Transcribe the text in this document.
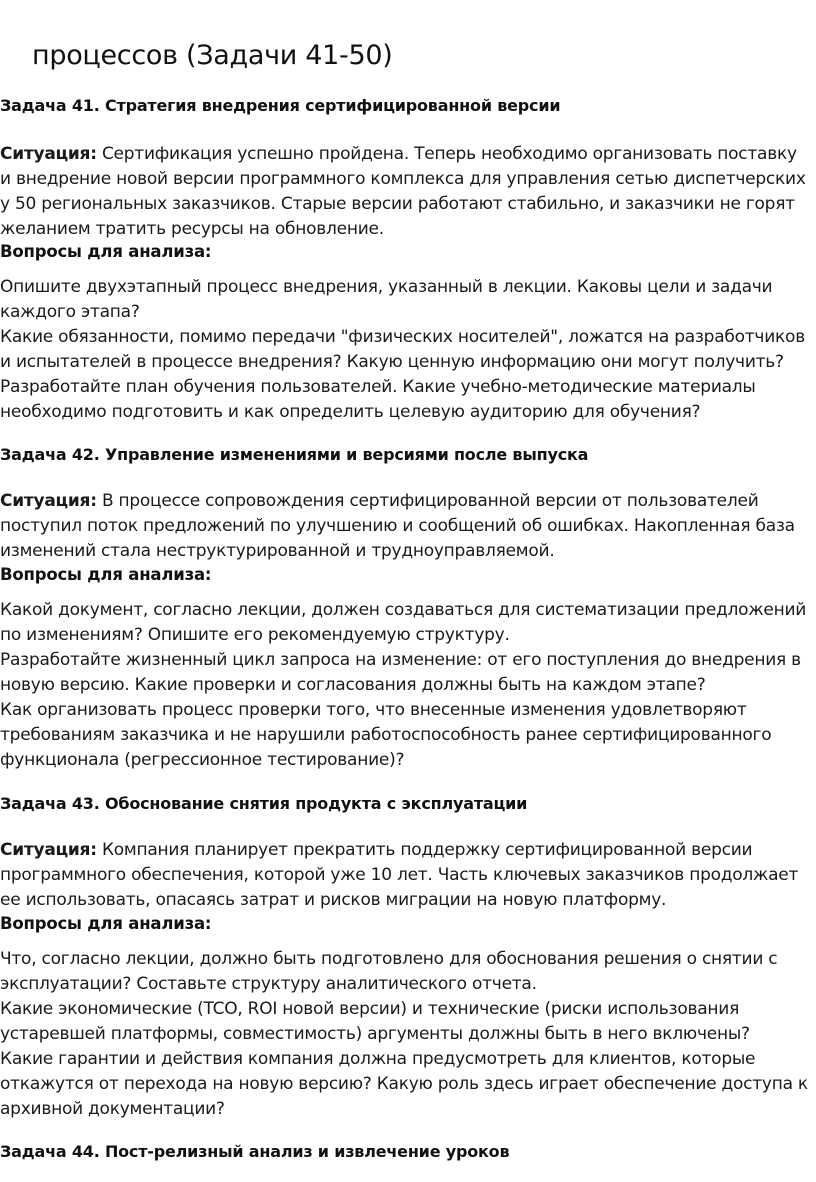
процессов (Задачи 41-50)
Задача 41. Стратегия внедрения сертифицированной версии
Ситуация: Сертификация успешно пройдена. Теперь необходимо организовать поставку и внедрение новой версии программного комплекса для управления сетью диспетчерских у 50 региональных заказчиков. Старые версии работают стабильно, и заказчики не горят желанием тратить ресурсы на обновление.
Вопросы для анализа:
Опишите двухэтапный процесс внедрения, указанный в лекции. Каковы цели и задачи каждого этапа?
Какие обязанности, помимо передачи "физических носителей", ложатся на разработчиков и испытателей в процессе внедрения? Какую ценную информацию они могут получить?
Разработайте план обучения пользователей. Какие учебно-методические материалы необходимо подготовить и как определить целевую аудиторию для обучения?
Задача 42. Управление изменениями и версиями после выпуска
Ситуация: В процессе сопровождения сертифицированной версии от пользователей поступил поток предложений по улучшению и сообщений об ошибках. Накопленная база изменений стала неструктурированной и трудноуправляемой.
Вопросы для анализа:
Какой документ, согласно лекции, должен создаваться для систематизации предложений по изменениям? Опишите его рекомендуемую структуру.
Разработайте жизненный цикл запроса на изменение: от его поступления до внедрения в новую версию. Какие проверки и согласования должны быть на каждом этапе?
Как организовать процесс проверки того, что внесенные изменения удовлетворяют требованиям заказчика и не нарушили работоспособность ранее сертифицированного функционала (регрессионное тестирование)?
Задача 43. Обоснование снятия продукта с эксплуатации
Ситуация: Компания планирует прекратить поддержку сертифицированной версии программного обеспечения, которой уже 10 лет. Часть ключевых заказчиков продолжает ее использовать, опасаясь затрат и рисков миграции на новую платформу.
Вопросы для анализа:
Что, согласно лекции, должно быть подготовлено для обоснования решения о снятии с эксплуатации? Составьте структуру аналитического отчета.
Какие экономические (TCO, ROI новой версии) и технические (риски использования устаревшей платформы, совместимость) аргументы должны быть в него включены?
Какие гарантии и действия компания должна предусмотреть для клиентов, которые откажутся от перехода на новую версию? Какую роль здесь играет обеспечение доступа к архивной документации?
Задача 44. Пост-релизный анализ и извлечение уроков
